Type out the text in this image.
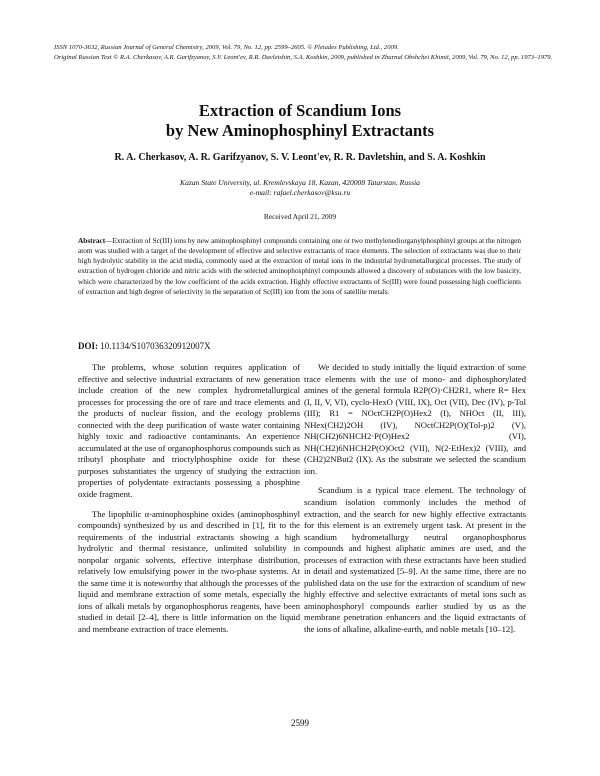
ISSN 1070-3632, Russian Journal of General Chemistry, 2009, Vol. 79, No. 12, pp. 2599–2605. © Pleiades Publishing, Ltd., 2009.

Original Russian Text © R.A. Cherkasov, A.R. Garifzyanov, S.V. Leont'ev, R.R. Davletshin, S.A. Koshkin, 2009, published in Zhurnal Obshchei Khimii, 2009, Vol. 79, No. 12, pp. 1973–1979.

Extraction of Scandium Ions
by New Aminophosphinyl Extractants
R. A. Cherkasov, A. R. Garifzyanov, S. V. Leont'ev, R. R. Davletshin, and S. A. Koshkin
Kazan State University, ul. Kremlevskaya 18, Kazan, 420008 Tatarstan, Russia
e-mail: rafael.cherkasov@ksu.ru
Received April 21, 2009

Abstract—Extraction of Sc(III) ions by new aminophosphinyl compounds containing one or two methylenediorganylphosphinyl groups at the nitrogen atom was studied with a target of the development of effective and selective extractants of trace elements. The selection of extractants was due to their high hydrolytic stability in the acid media, commonly used at the extraction of metal ions in the industrial hydrometallurgical processes. The study of extraction of hydrogen chloride and nitric acids with the selected aminophosphinyl compounds allowed a discovery of substances with the low basicity, which were characterized by the low coefficient of the acids extraction. Highly effective extractants of Sc(III) were found possessing high coefficients of extraction and high degree of selectivity in the separation of Sc(III) ion from the ions of satellite metals.

DOI: 10.1134/S107036320912007X

The problems, whose solution requires application of effective and selective industrial extractants of new generation include creation of the new complex hydrometallurgical processes for processing the ore of rare and trace elements and the products of nuclear fission, and the ecology problems connected with the deep purification of waste water containing highly toxic and radioactive contaminants. An experience accumulated at the use of organophosphorus compounds such as tributyl phosphate and trioctylphosphine oxide for these purposes substantiates the urgency of studying the extraction properties of polydentate extractants possessing a phosphine oxide fragment.

The lipophilic α-aminophosphine oxides (aminophosphinyl compounds) synthesized by us and described in [1], fit to the requirements of the industrial extractants showing a high hydrolytic and thermal resistance, unlimited solubility in nonpolar organic solvents, effective interphase distribution, relatively low emulsifying power in the two-phase systems. At the same time it is noteworthy that although the processes of the liquid and membrane extraction of some metals, especially the ions of alkali metals by organophosphorus reagents, have been studied in detail [2–4], there is little information on the liquid and membrane extraction of trace elements.

We decided to study initially the liquid extraction of some trace elements with the use of mono- and diphosphorylated amines of the general formula R2P(O)·CH2R1, where R= Hex (I, II, V, VI), cyclo-HexO (VIII, IX), Oct (VII), Dec (IV), p-Tol (III); R1 = NOctCH2P(O)Hex2 (I), NHOct (II, III), NHex(CH2)2OH (IV), NOctCH2P(O)(Tol-p)2 (V), NH(CH2)6NHCH2·P(O)Hex2 (VI), NH(CH2)6NHCH2P(O)Oct2 (VII), N(2-EtHex)2 (VIII), and (CH2)2NBut2 (IX). As the substrate we selected the scandium ion.

Scandium is a typical trace element. The technology of scandium isolation commonly includes the method of extraction, and the search for new highly effective extractants for this element is an extremely urgent task. At present in the scandium hydrometallurgy neutral organophosphorus compounds and highest aliphatic amines are used, and the processes of extraction with these extractants have been studied in detail and systematized [5–9]. At the same time, there are no published data on the use for the extraction of scandium of new highly effective and selective extractants of metal ions such as aminophosphoryl compounds earlier studied by us as the membrane penetration enhancers and the liquid extractants of the ions of alkaline, alkaline-earth, and noble metals [10–12].

2599
